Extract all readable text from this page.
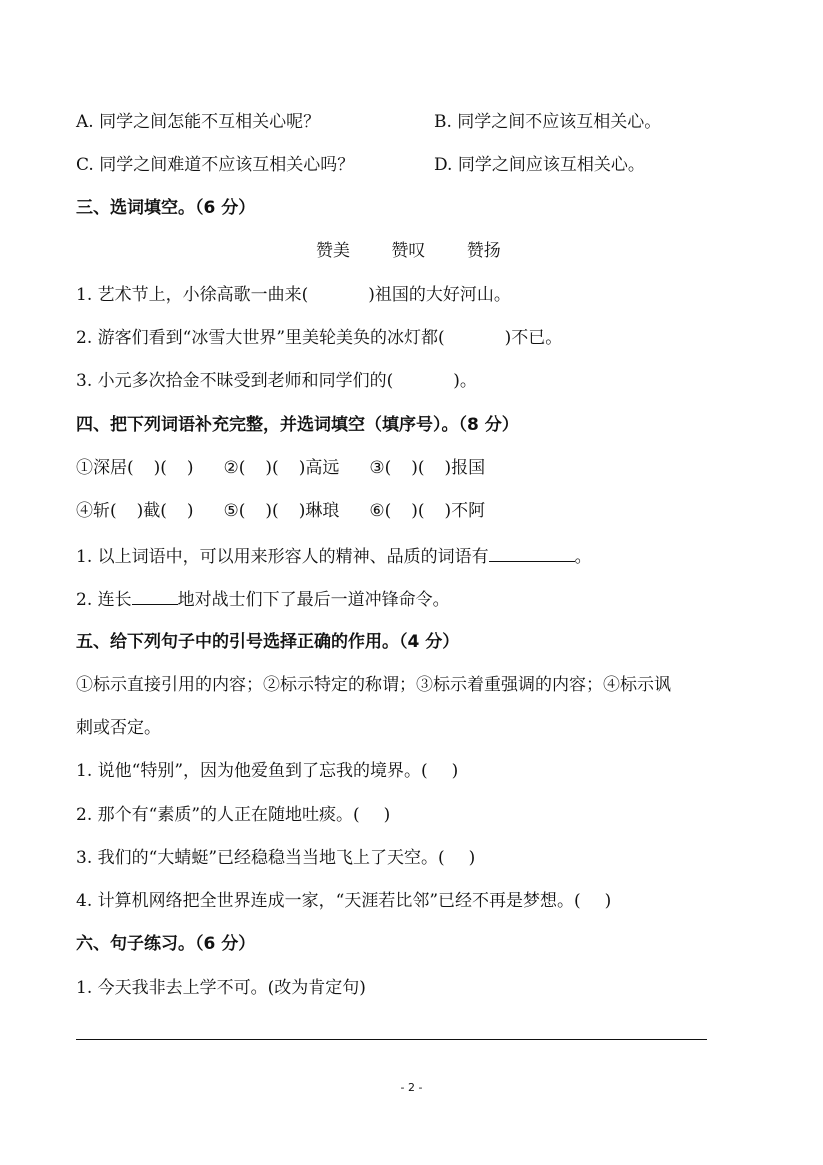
A. 同学之间怎能不互相关心呢？	B. 同学之间不应该互相关心。
C. 同学之间难道不应该互相关心吗？	D. 同学之间应该互相关心。
三、选词填空。（6 分）
赞美 赞叹 赞扬
1. 艺术节上，小徐高歌一曲来(	)祖国的大好河山。
2. 游客们看到“冰雪大世界”里美轮美奂的冰灯都(	)不已。
3. 小元多次拾金不昧受到老师和同学们的(	)。
四、把下列词语补充完整，并选词填空（填序号）。（8 分）
①深居( )( ) ②( )( )高远 ③( )( )报国
④斩( )截( ) ⑤( )( )琳琅 ⑥( )( )不阿
1. 以上词语中，可以用来形容人的精神、品质的词语有	。
2. 连长	地对战士们下了最后一道冲锋命令。
五、给下列句子中的引号选择正确的作用。（4 分）
①标示直接引用的内容；②标示特定的称谓；③标示着重强调的内容；④标示讽
刺或否定。
1. 说他“特别”，因为他爱鱼到了忘我的境界。( )
2. 那个有“素质”的人正在随地吐痰。( )
3. 我们的“大蜻蜓”已经稳稳当当地飞上了天空。( )
4. 计算机网络把全世界连成一家，“天涯若比邻”已经不再是梦想。( )
六、句子练习。（6 分）
1. 今天我非去上学不可。(改为肯定句)
- 2 -
